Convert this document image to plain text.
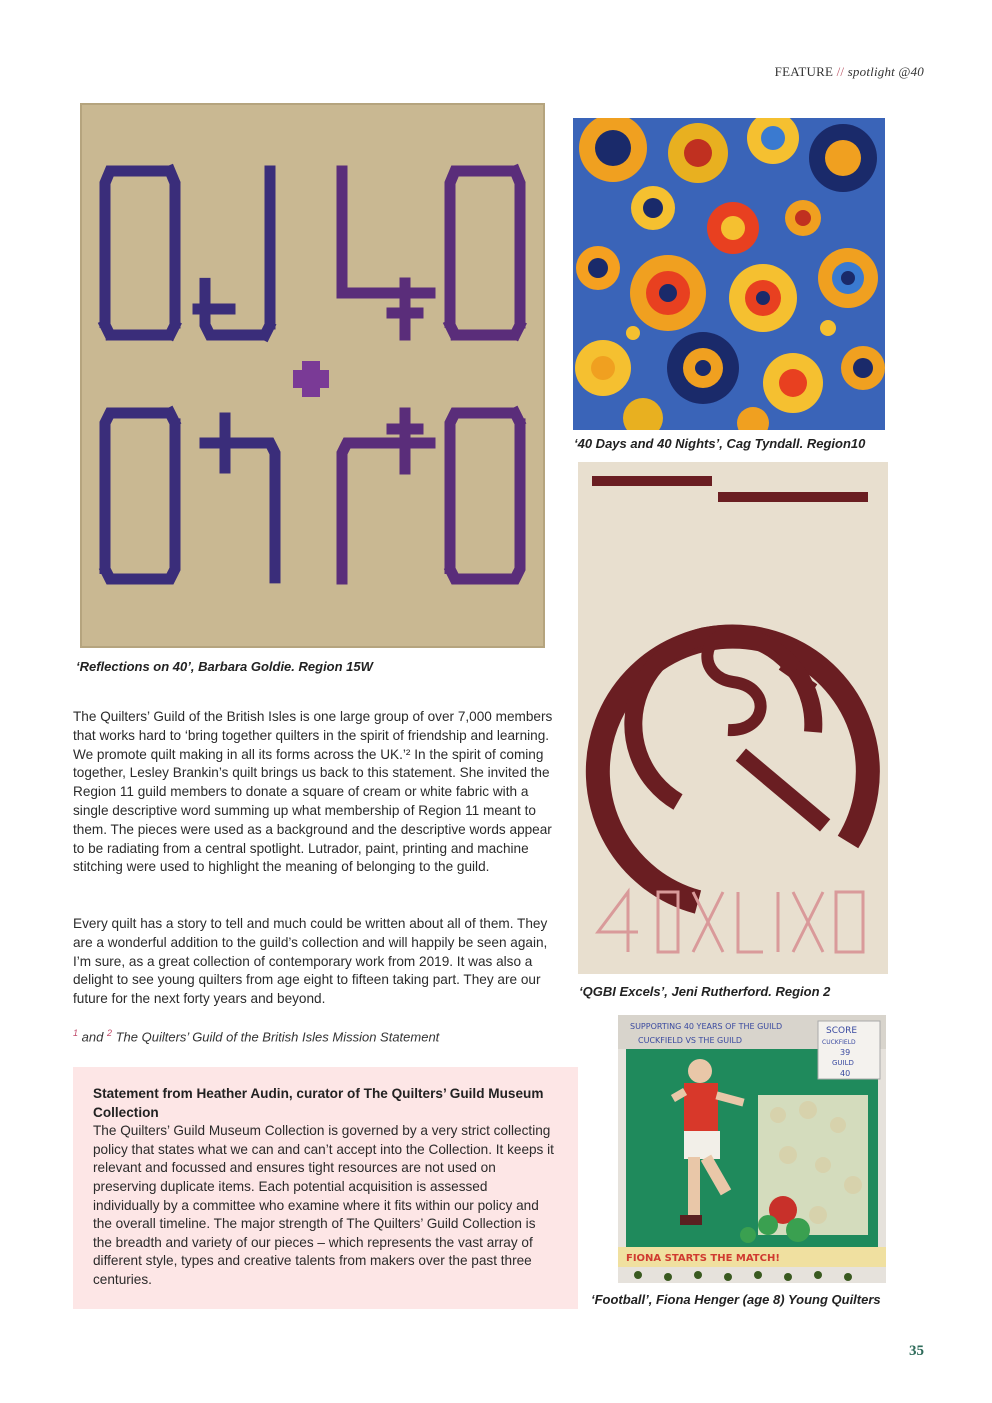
FEATURE // spotlight @40
‘Reflections on 40’, Barbara Goldie. Region 15W
‘40 Days and 40 Nights’, Cag Tyndall. Region10
‘QGBI Excels’, Jeni Rutherford. Region 2
SUPPORTING 40 YEARS OF THE GUILD
CUCKFIELD VS THE GUILD
SCORE
CUCKFIELD
39
GUILD
40
FIONA STARTS THE MATCH!
‘Football’, Fiona Henger (age 8) Young Quilters

The Quilters’ Guild of the British Isles is one large group of over 7,000 members that works hard to ‘bring together quilters in the spirit of friendship and learning. We promote quilt making in all its forms across the UK.’² In the spirit of coming together, Lesley Brankin’s quilt brings us back to this statement. She invited the Region 11 guild members to donate a square of cream or white fabric with a single descriptive word summing up what membership of Region 11 meant to them. The pieces were used as a background and the descriptive words appear to be radiating from a central spotlight. Lutrador, paint, printing and machine stitching were used to highlight the meaning of belonging to the guild.

Every quilt has a story to tell and much could be written about all of them. They are a wonderful addition to the guild’s collection and will happily be seen again, I’m sure, as a great collection of contemporary work from 2019. It was also a delight to see young quilters from age eight to fifteen taking part. They are our future for the next forty years and beyond.

$^1$ and $^2$ The Quilters’ Guild of the British Isles Mission Statement

Statement from Heather Audin, curator of The Quilters’ Guild Museum Collection

The Quilters’ Guild Museum Collection is governed by a very strict collecting policy that states what we can and can’t accept into the Collection. It keeps it relevant and focussed and ensures tight resources are not used on preserving duplicate items. Each potential acquisition is assessed individually by a committee who examine where it fits within our policy and the overall timeline. The major strength of The Quilters’ Guild Collection is the breadth and variety of our pieces – which represents the vast array of different style, types and creative talents from makers over the past three centuries.

35
